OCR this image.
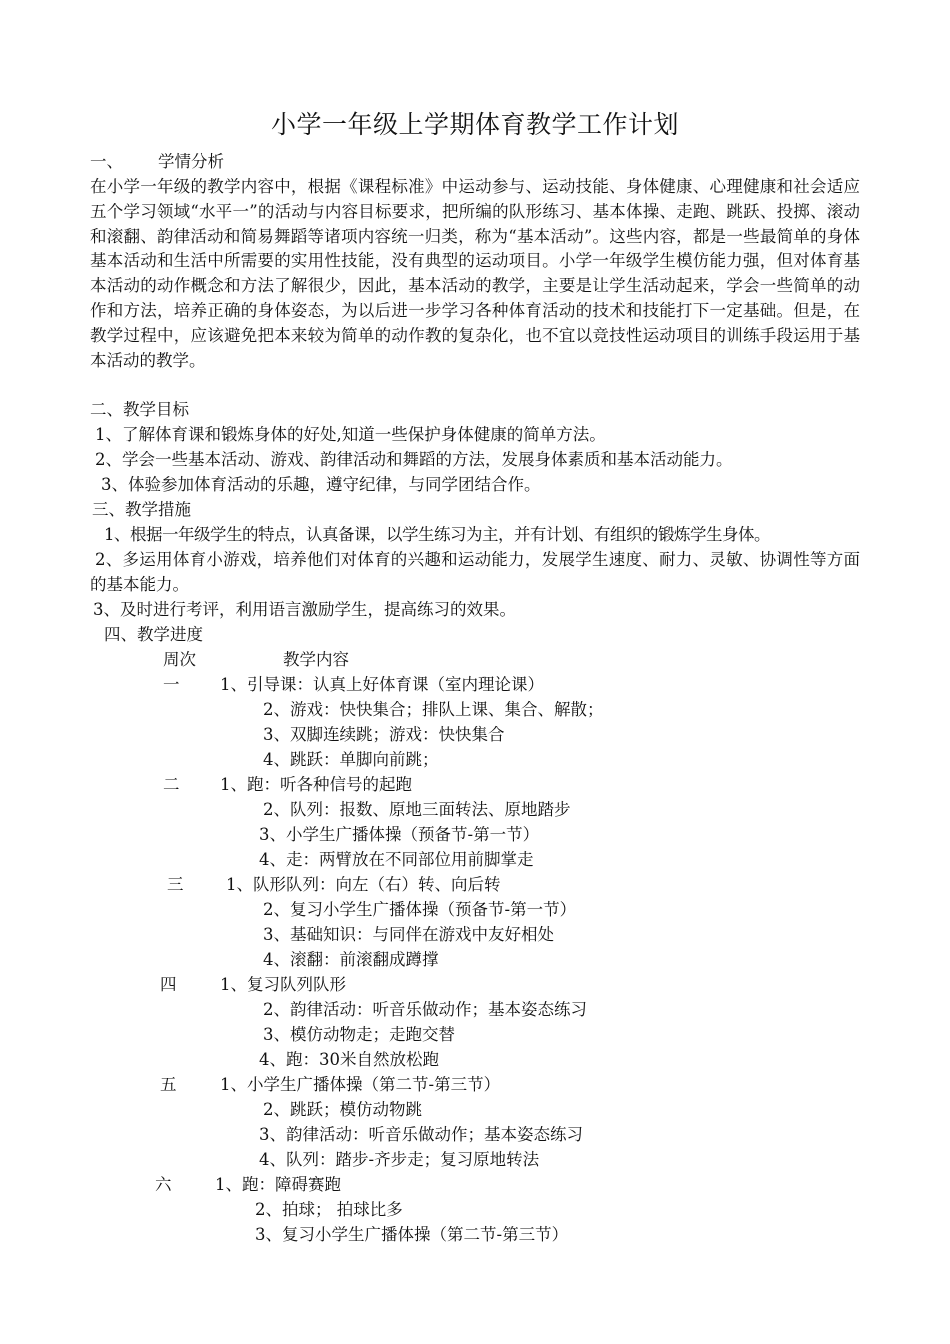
小学一年级上学期体育教学工作计划
一、 学情分析
在小学一年级的教学内容中，根据《课程标准》中运动参与、运动技能、身体健康、心理健康和社会适应五个学习领域“水平一”的活动与内容目标要求，把所编的队形练习、基本体操、走跑、跳跃、投掷、滚动和滚翻、韵律活动和简易舞蹈等诸项内容统一归类，称为“基本活动”。这些内容，都是一些最简单的身体基本活动和生活中所需要的实用性技能，没有典型的运动项目。小学一年级学生模仿能力强，但对体育基本活动的动作概念和方法了解很少，因此，基本活动的教学，主要是让学生活动起来，学会一些简单的动作和方法，培养正确的身体姿态，为以后进一步学习各种体育活动的技术和技能打下一定基础。但是，在教学过程中，应该避免把本来较为简单的动作教的复杂化，也不宜以竞技性运动项目的训练手段运用于基本活动的教学。
二、教学目标
1、了解体育课和锻炼身体的好处,知道一些保护身体健康的简单方法。
2、学会一些基本活动、游戏、韵律活动和舞蹈的方法，发展身体素质和基本活动能力。
3、体验参加体育活动的乐趣，遵守纪律，与同学团结合作。
三、教学措施
1、根据一年级学生的特点，认真备课，以学生练习为主，并有计划、有组织的锻炼学生身体。
2、多运用体育小游戏，培养他们对体育的兴趣和运动能力，发展学生速度、耐力、灵敏、协调性等方面的基本能力。
3、及时进行考评，利用语言激励学生，提高练习的效果。
四、教学进度
周次	教学内容
一 1、引导课：认真上好体育课（室内理论课）
2、游戏：快快集合；排队上课、集合、解散；
3、双脚连续跳；游戏：快快集合
4、跳跃：单脚向前跳；
二 1、跑：听各种信号的起跑
2、队列：报数、原地三面转法、原地踏步
3、小学生广播体操（预备节-第一节）
4、走：两臂放在不同部位用前脚掌走
三	1、队形队列：向左（右）转、向后转
2、复习小学生广播体操（预备节-第一节）
3、基础知识：与同伴在游戏中友好相处
4、滚翻：前滚翻成蹲撑
四	1、复习队列队形
2、韵律活动：听音乐做动作；基本姿态练习
3、模仿动物走；走跑交替
4、跑：30米自然放松跑
五	1、小学生广播体操（第二节-第三节）
2、跳跃；模仿动物跳
3、韵律活动：听音乐做动作；基本姿态练习
4、队列：踏步-齐步走；复习原地转法
六	1、跑：障碍赛跑
2、拍球； 拍球比多
3、复习小学生广播体操（第二节-第三节）
